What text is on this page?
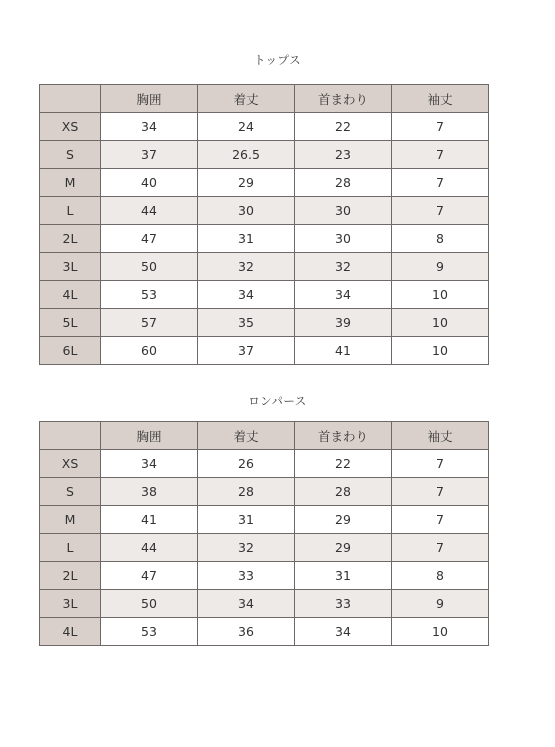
トップス
	胸囲	着丈	首まわり	袖丈
XS	34	24	22	7
S	37	26.5	23	7
M	40	29	28	7
L	44	30	30	7
2L	47	31	30	8
3L	50	32	32	9
4L	53	34	34	10
5L	57	35	39	10
6L	60	37	41	10
ロンパース
	胸囲	着丈	首まわり	袖丈
XS	34	26	22	7
S	38	28	28	7
M	41	31	29	7
L	44	32	29	7
2L	47	33	31	8
3L	50	34	33	9
4L	53	36	34	10
